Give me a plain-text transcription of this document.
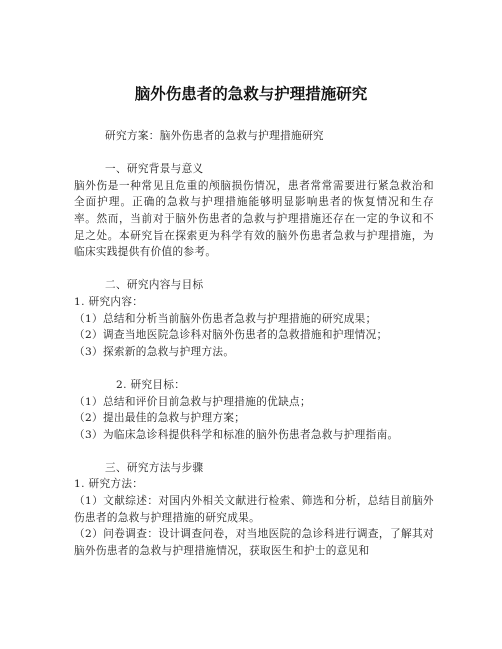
脑外伤患者的急救与护理措施研究

研究方案：脑外伤患者的急救与护理措施研究

一、研究背景与意义

脑外伤是一种常见且危重的颅脑损伤情况，患者常常需要进行紧急救治和全面护理。正确的急救与护理措施能够明显影响患者的恢复情况和生存率。然而，当前对于脑外伤患者的急救与护理措施还存在一定的争议和不足之处。本研究旨在探索更为科学有效的脑外伤患者急救与护理措施，为临床实践提供有价值的参考。

二、研究内容与目标

1. 研究内容：

（1）总结和分析当前脑外伤患者急救与护理措施的研究成果；

（2）调查当地医院急诊科对脑外伤患者的急救措施和护理情况；

（3）探索新的急救与护理方法。

2. 研究目标：

（1）总结和评价目前急救与护理措施的优缺点；

（2）提出最佳的急救与护理方案；

（3）为临床急诊科提供科学和标准的脑外伤患者急救与护理指南。

三、研究方法与步骤

1. 研究方法：

（1）文献综述：对国内外相关文献进行检索、筛选和分析，总结目前脑外伤患者的急救与护理措施的研究成果。

（2）问卷调查：设计调查问卷，对当地医院的急诊科进行调查，了解其对脑外伤患者的急救与护理措施情况，获取医生和护士的意见和
